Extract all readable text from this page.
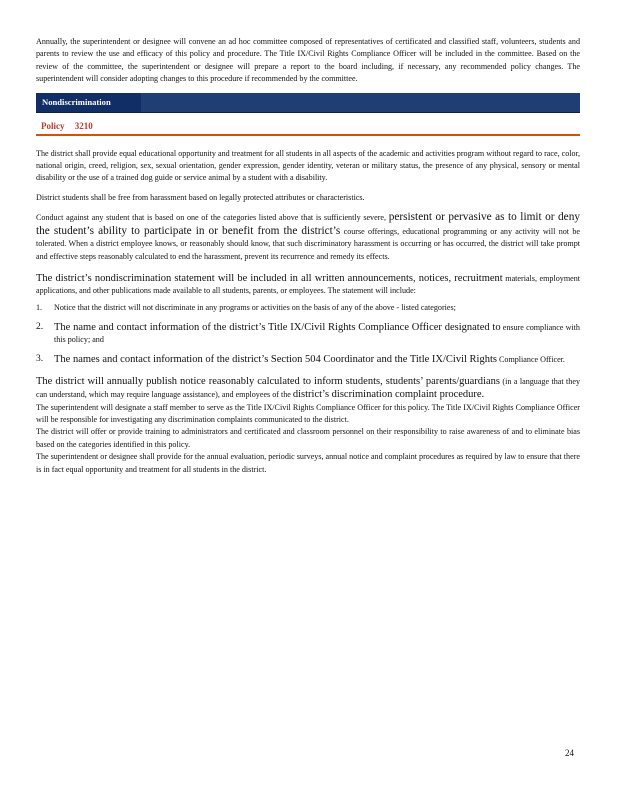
Annually, the superintendent or designee will convene an ad hoc committee composed of representatives of certificated and classified staff, volunteers, students and parents to review the use and efficacy of this policy and procedure. The Title IX/Civil Rights Compliance Officer will be included in the committee. Based on the review of the committee, the superintendent or designee will prepare a report to the board including, if necessary, any recommended policy changes. The superintendent will consider adopting changes to this procedure if recommended by the committee.

Nondiscrimination
Policy 3210

The district shall provide equal educational opportunity and treatment for all students in all aspects of the academic and activities program without regard to race, color, national origin, creed, religion, sex, sexual orientation, gender expression, gender identity, veteran or military status, the presence of any physical, sensory or mental disability or the use of a trained dog guide or service animal by a student with a disability.

District students shall be free from harassment based on legally protected attributes or characteristics.

Conduct against any student that is based on one of the categories listed above that is sufficiently severe, persistent or pervasive as to limit or deny the student’s ability to participate in or benefit from the district’s course offerings, educational programming or any activity will not be tolerated. When a district employee knows, or reasonably should know, that such discriminatory harassment is occurring or has occurred, the district will take prompt and effective steps reasonably calculated to end the harassment, prevent its recurrence and remedy its effects.

The district’s nondiscrimination statement will be included in all written announcements, notices, recruitment materials, employment applications, and other publications made available to all students, parents, or employees. The statement will include:

1.	Notice that the district will not discriminate in any programs or activities on the basis of any of the above - listed categories;
2.	The name and contact information of the district’s Title IX/Civil Rights Compliance Officer designated to ensure compliance with this policy; and
3.	The names and contact information of the district’s Section 504 Coordinator and the Title IX/Civil Rights Compliance Officer.

The district will annually publish notice reasonably calculated to inform students, students’ parents/guardians (in a language that they can understand, which may require language assistance), and employees of the district’s discrimination complaint procedure.

The superintendent will designate a staff member to serve as the Title IX/Civil Rights Compliance Officer for this policy. The Title IX/Civil Rights Compliance Officer will be responsible for investigating any discrimination complaints communicated to the district.

The district will offer or provide training to administrators and certificated and classroom personnel on their responsibility to raise awareness of and to eliminate bias based on the categories identified in this policy.

The superintendent or designee shall provide for the annual evaluation, periodic surveys, annual notice and complaint procedures as required by law to ensure that there is in fact equal opportunity and treatment for all students in the district.

24
